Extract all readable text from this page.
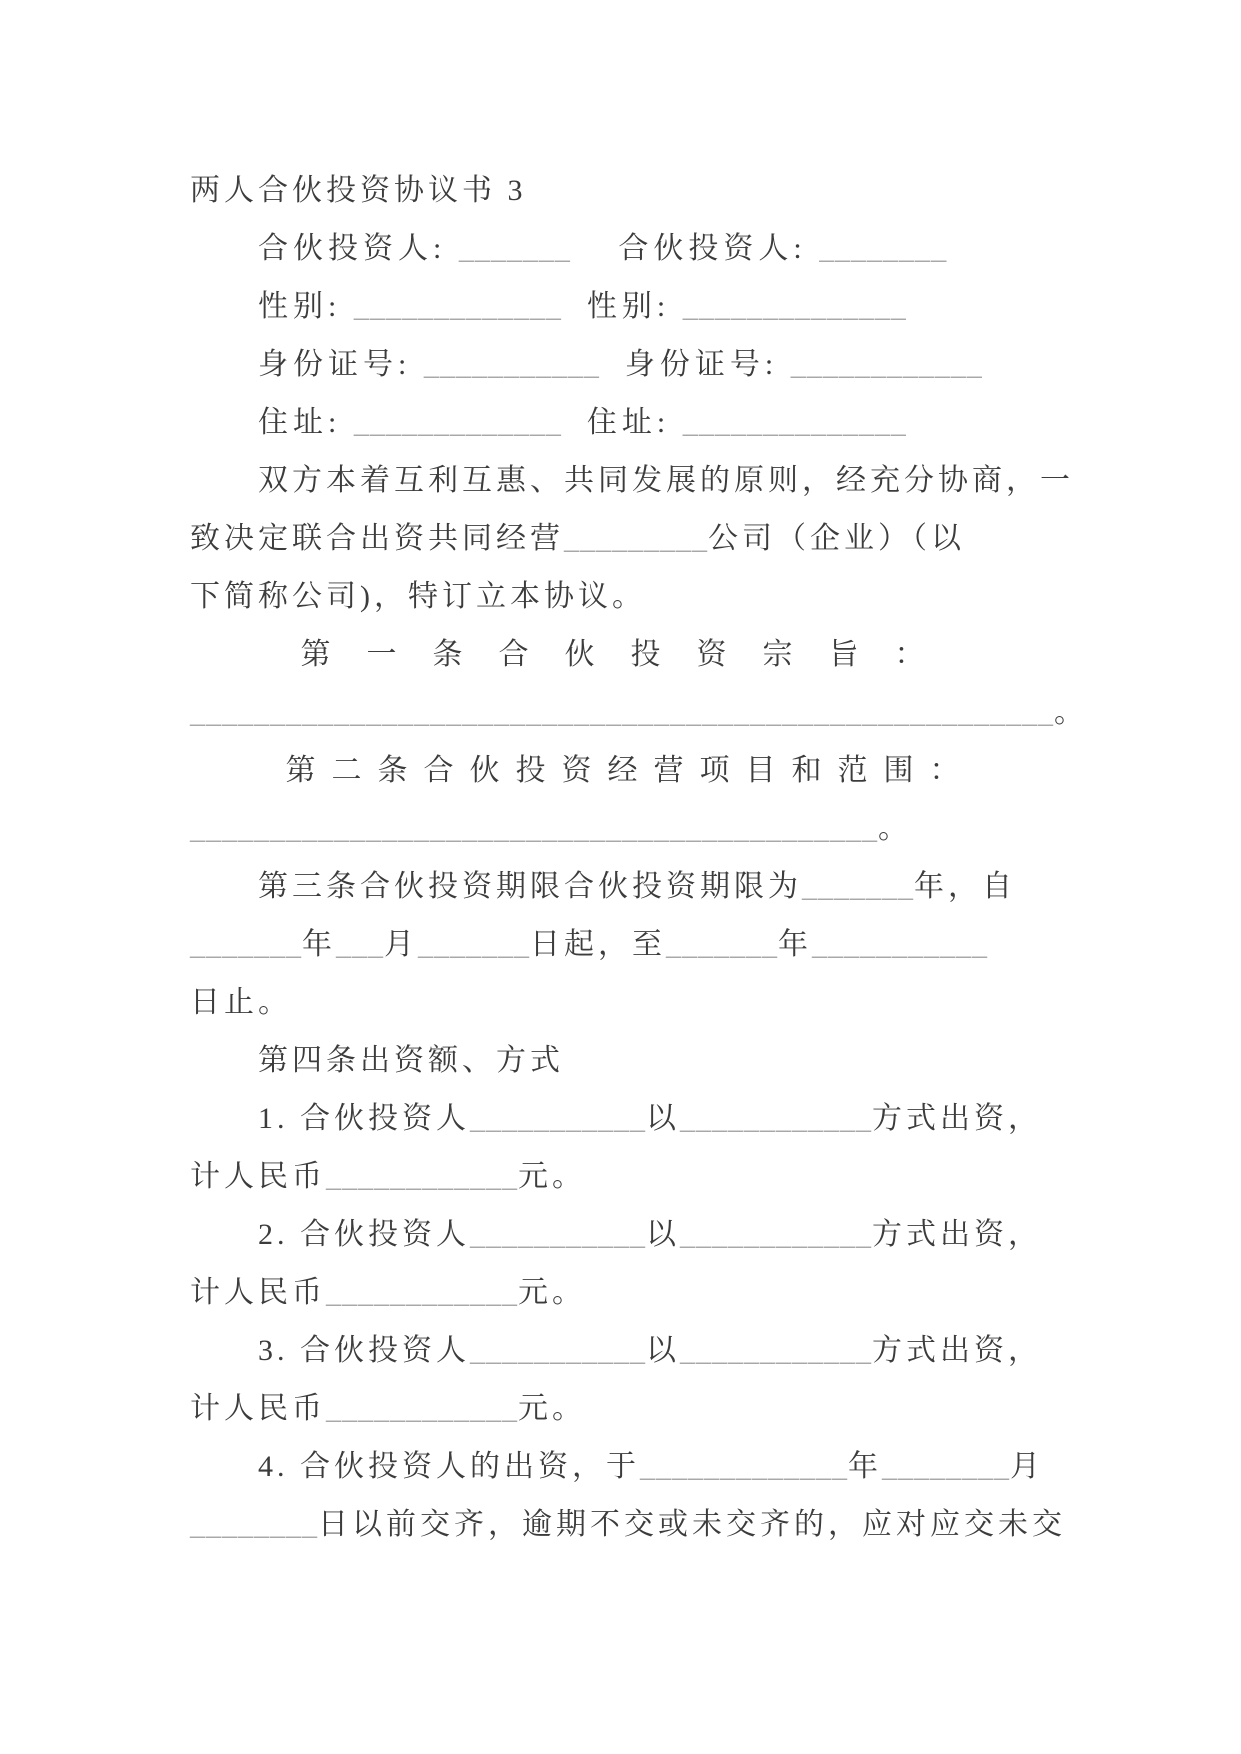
两人合伙投资协议书 3
合伙投资人: _______　 合伙投资人: ________
性别: _____________  性别: ______________
身份证号: ___________  身份证号: ____________
住址: _____________  住址: ______________
双方本着互利互惠、共同发展的原则，经充分协商，一
致决定联合出资共同经营_________公司（企业）（以
下简称公司)，特订立本协议。
第一条合伙投资宗旨：
______________________________________________________。
第二条合伙投资经营项目和范围：
___________________________________________。
第三条合伙投资期限合伙投资期限为_______年，自
_______年___月_______日起，至_______年___________
日止。
第四条出资额、方式
1. 合伙投资人___________以____________方式出资，
计人民币____________元。
2. 合伙投资人___________以____________方式出资，
计人民币____________元。
3. 合伙投资人___________以____________方式出资，
计人民币____________元。
4. 合伙投资人的出资，于_____________年________月
________日以前交齐，逾期不交或未交齐的，应对应交未交
